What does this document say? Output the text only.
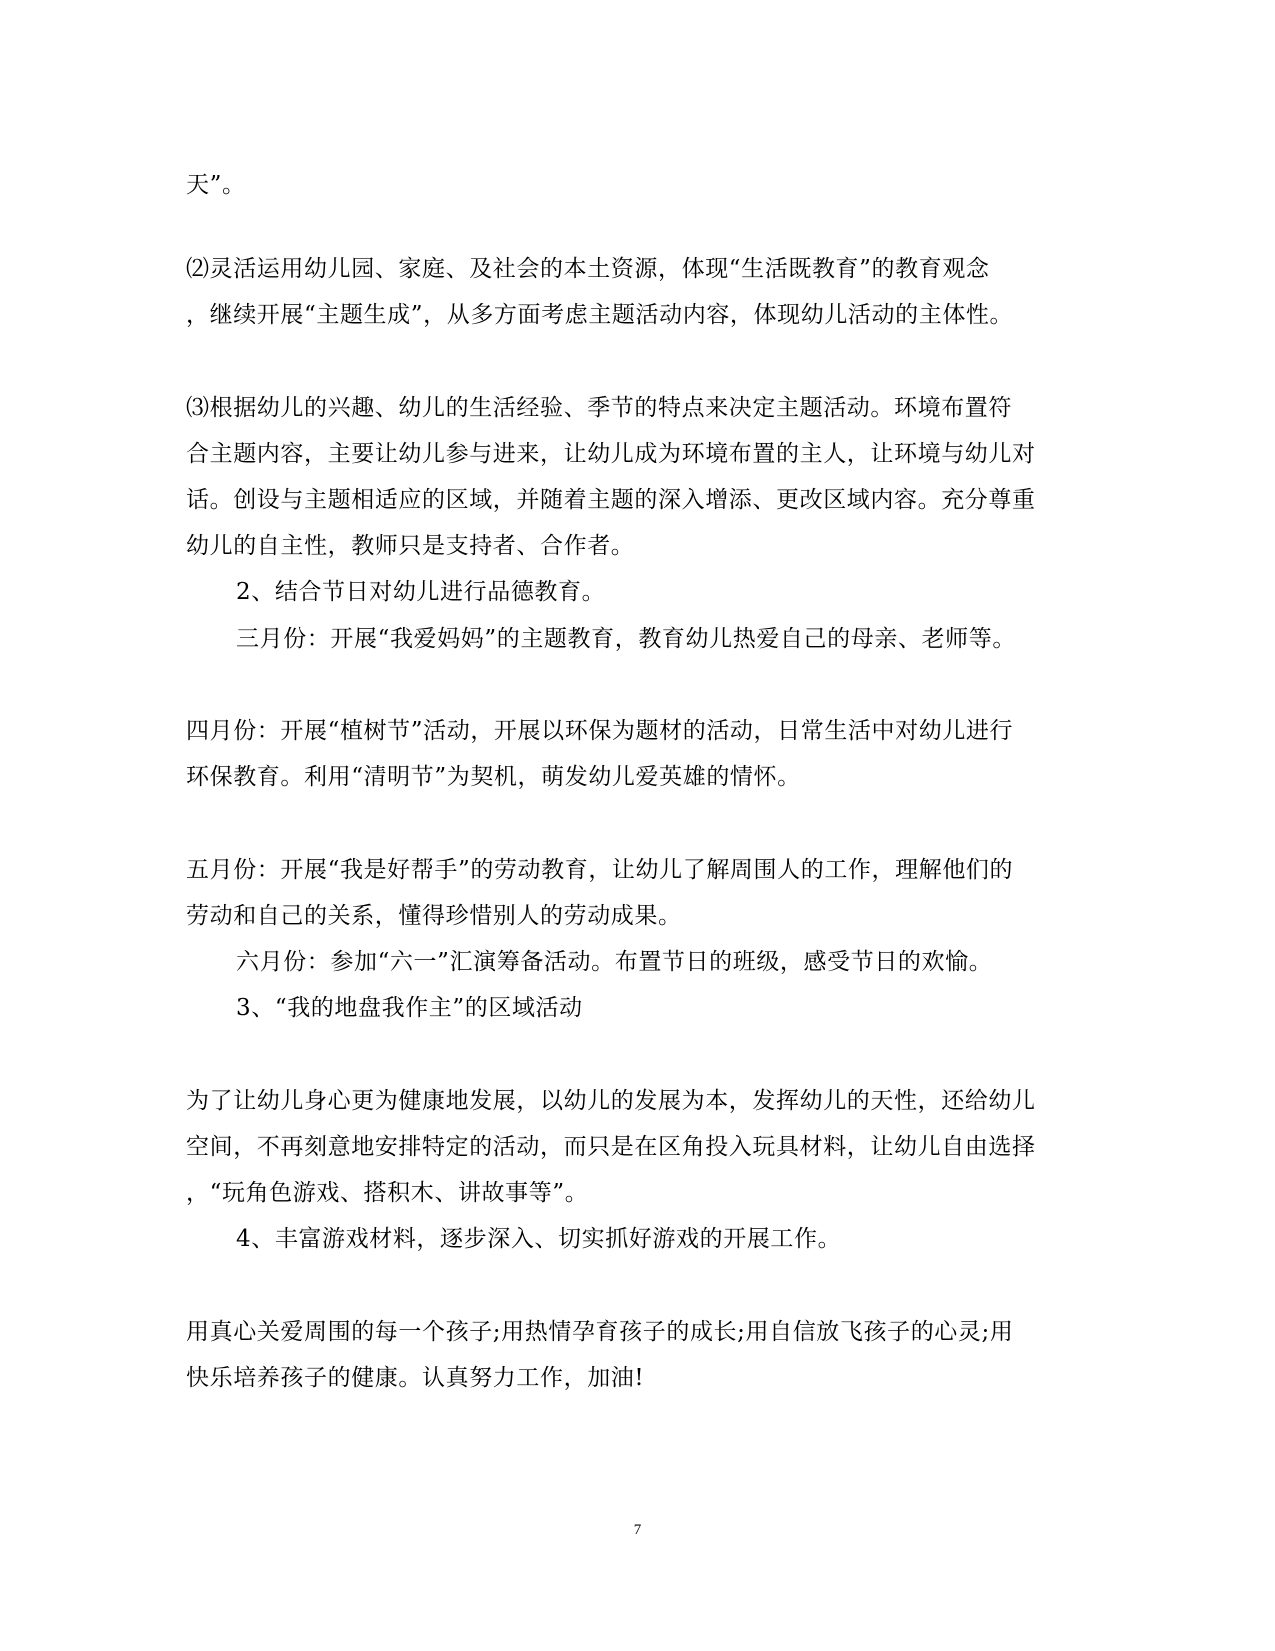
天”。
⑵灵活运用幼儿园、家庭、及社会的本土资源，体现“生活既教育”的教育观念
，继续开展“主题生成”，从多方面考虑主题活动内容，体现幼儿活动的主体性。
⑶根据幼儿的兴趣、幼儿的生活经验、季节的特点来决定主题活动。环境布置符
合主题内容，主要让幼儿参与进来，让幼儿成为环境布置的主人，让环境与幼儿对
话。创设与主题相适应的区域，并随着主题的深入增添、更改区域内容。充分尊重
幼儿的自主性，教师只是支持者、合作者。
2、结合节日对幼儿进行品德教育。
三月份：开展“我爱妈妈”的主题教育，教育幼儿热爱自己的母亲、老师等。
四月份：开展“植树节”活动，开展以环保为题材的活动，日常生活中对幼儿进行
环保教育。利用“清明节”为契机，萌发幼儿爱英雄的情怀。
五月份：开展“我是好帮手”的劳动教育，让幼儿了解周围人的工作，理解他们的
劳动和自己的关系，懂得珍惜别人的劳动成果。
六月份：参加“六一”汇演筹备活动。布置节日的班级，感受节日的欢愉。
3、“我的地盘我作主”的区域活动
为了让幼儿身心更为健康地发展，以幼儿的发展为本，发挥幼儿的天性，还给幼儿
空间，不再刻意地安排特定的活动，而只是在区角投入玩具材料，让幼儿自由选择
，“玩角色游戏、搭积木、讲故事等”。
4、丰富游戏材料，逐步深入、切实抓好游戏的开展工作。
用真心关爱周围的每一个孩子;用热情孕育孩子的成长;用自信放飞孩子的心灵;用
快乐培养孩子的健康。认真努力工作，加油!
7
